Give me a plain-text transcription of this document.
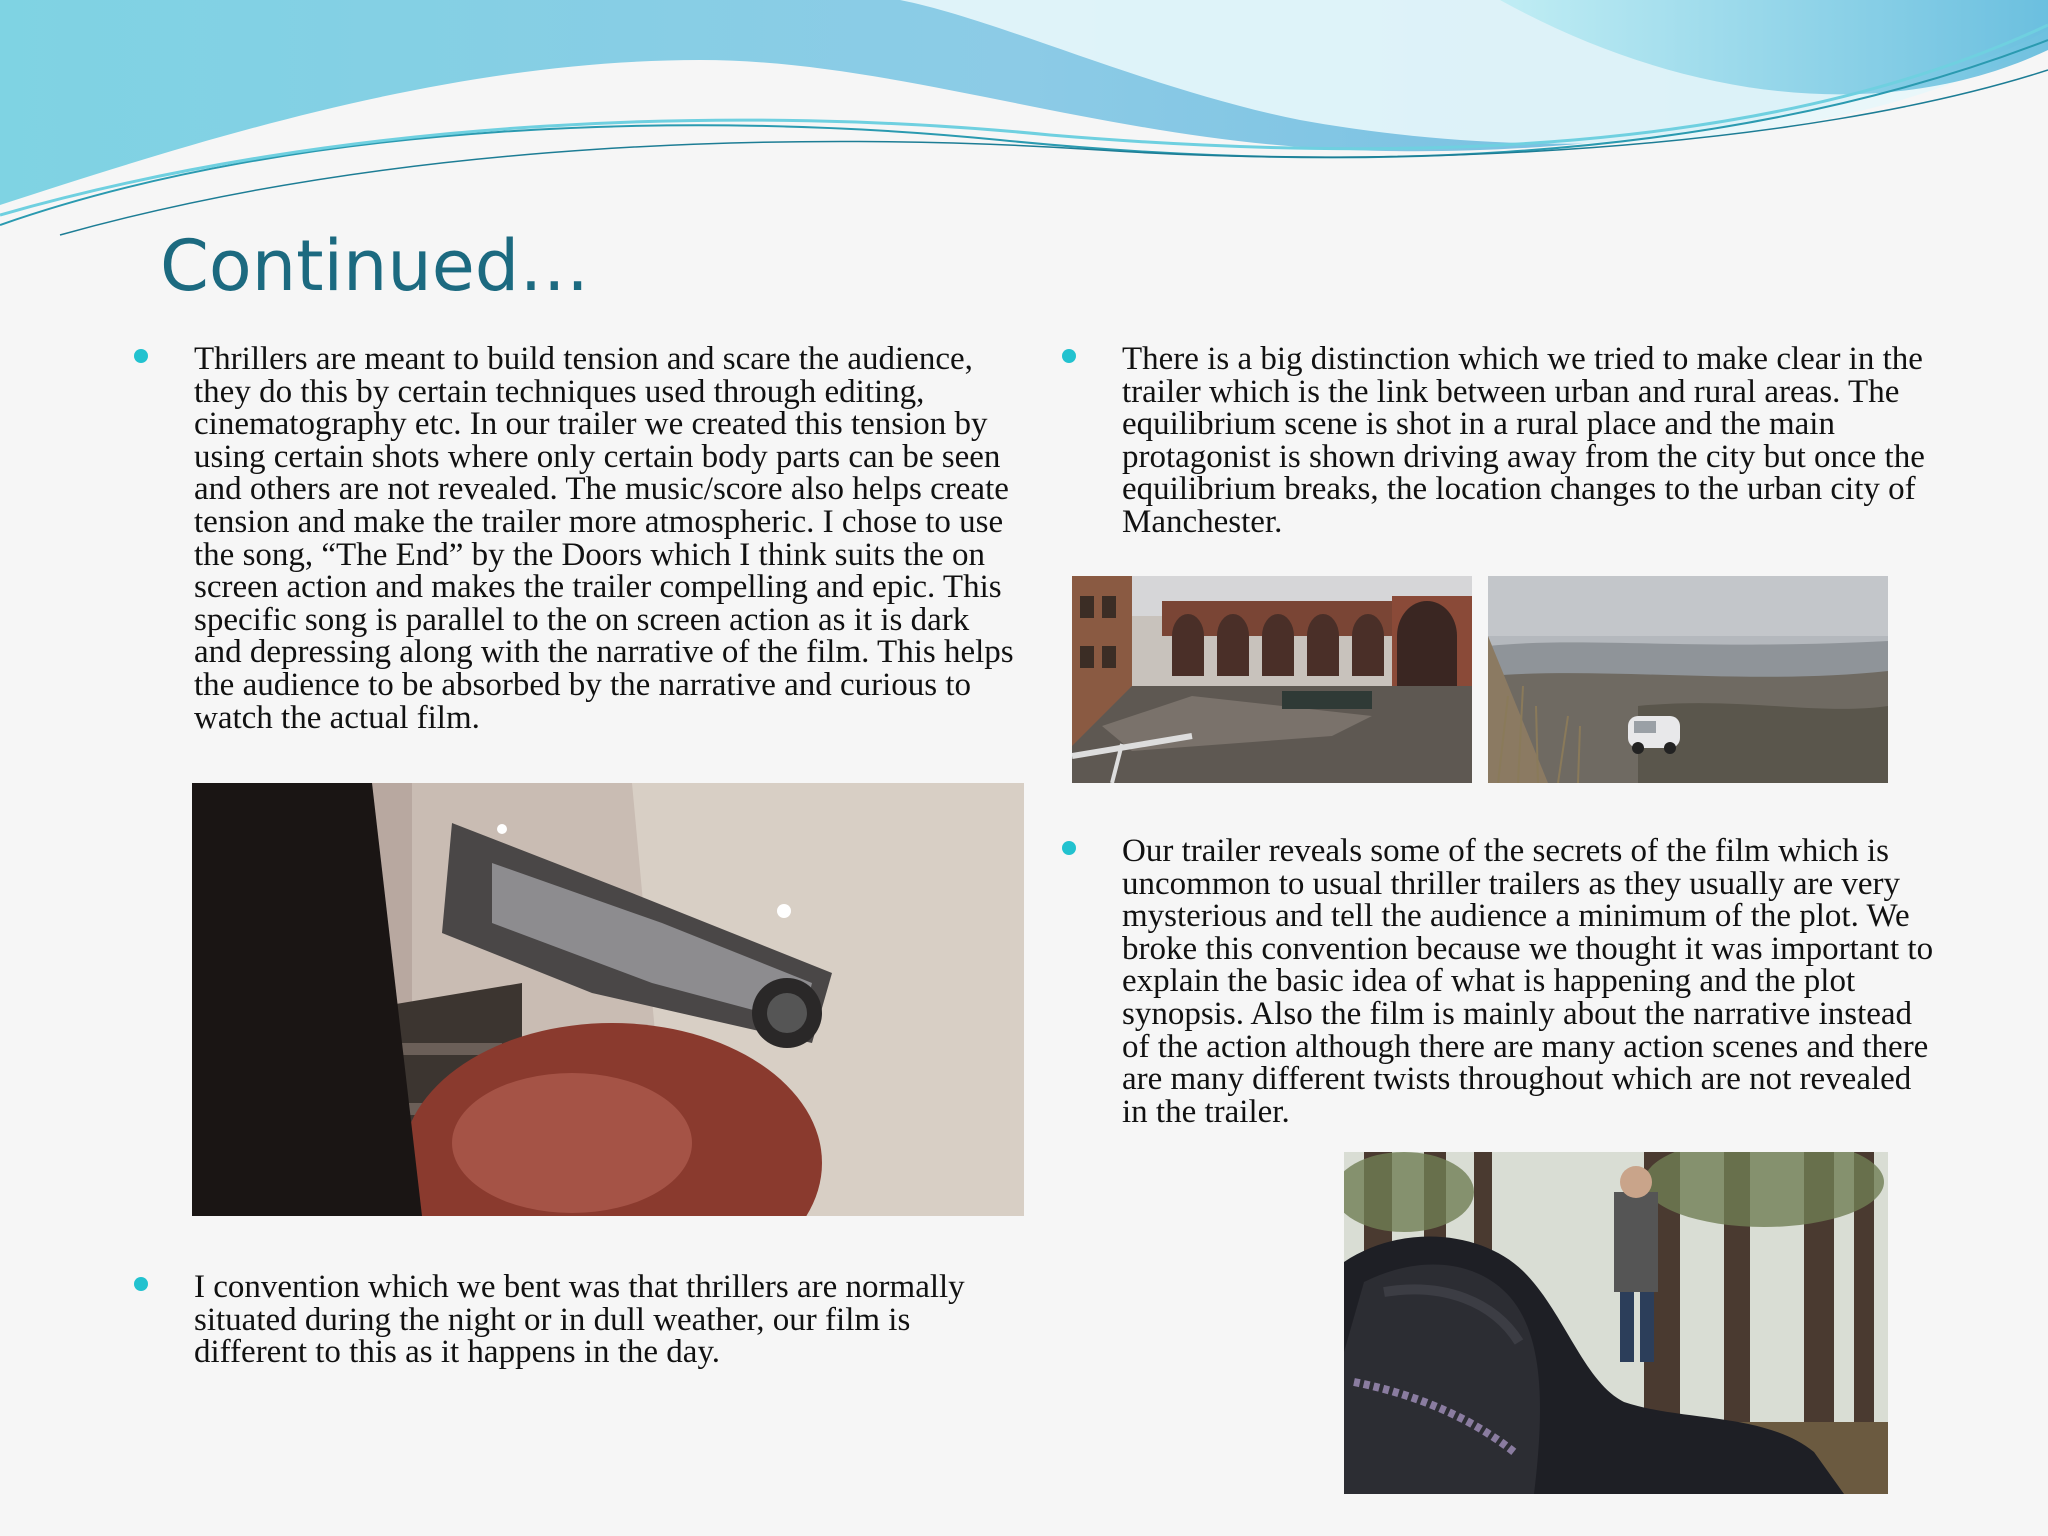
Continued…

Thrillers are meant to build tension and scare the audience, they do this by certain techniques used through editing, cinematography etc. In our trailer we created this tension by using certain shots where only certain body parts can be seen and others are not revealed. The music/score also helps create tension and make the trailer more atmospheric. I chose to use the song, “The End” by the Doors which I think suits the on screen action and makes the trailer compelling and epic. This specific song is parallel to the on screen action as it is dark and depressing along with the narrative of the film. This helps the audience to be absorbed by the narrative and curious to watch the actual film.

I convention which we bent was that thrillers are normally situated during the night or in dull weather, our film is different to this as it happens in the day.

There is a big distinction which we tried to make clear in the trailer which is the link between urban and rural areas. The equilibrium scene is shot in a rural place and the main protagonist is shown driving away from the city but once the equilibrium breaks, the location changes to the urban city of Manchester.

Our trailer reveals some of the secrets of the film which is uncommon to usual thriller trailers as they usually are very mysterious and tell the audience a minimum of the plot. We broke this convention because we thought it was important to explain the basic idea of what is happening and the plot synopsis. Also the film is mainly about the narrative instead of the action although there are many action scenes and there are many different twists throughout which are not revealed in the trailer.
